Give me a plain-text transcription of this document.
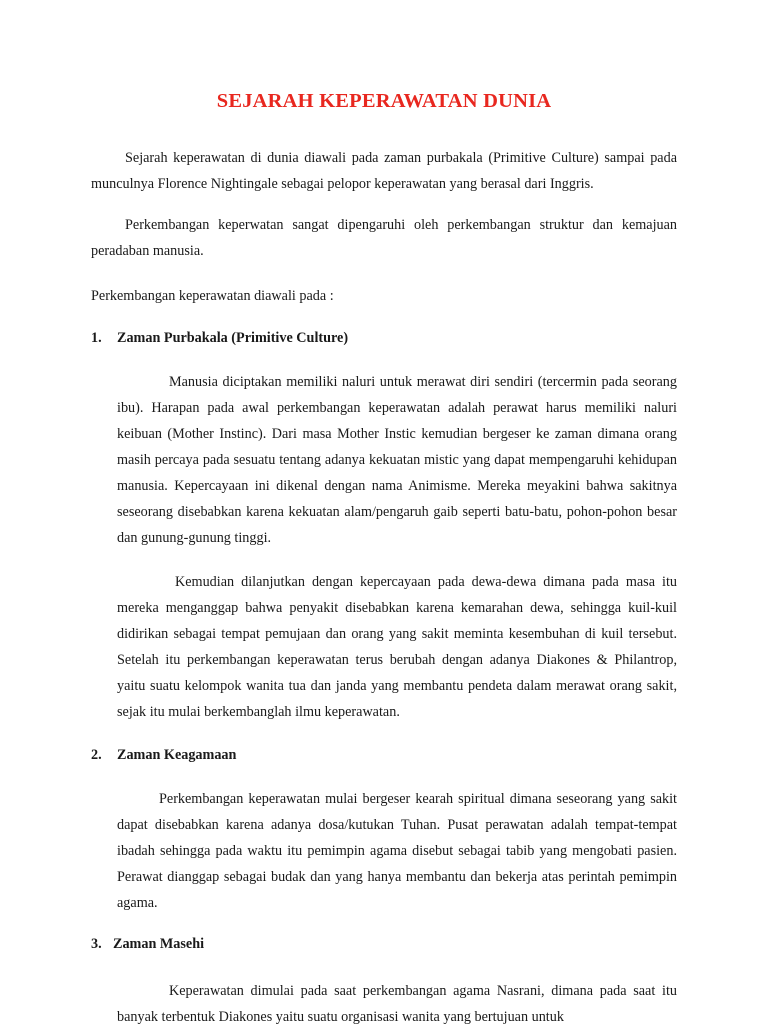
SEJARAH KEPERAWATAN DUNIA

Sejarah keperawatan di dunia diawali pada zaman purbakala (Primitive Culture) sampai pada munculnya Florence Nightingale sebagai pelopor keperawatan yang berasal dari Inggris.

Perkembangan keperwatan sangat dipengaruhi oleh perkembangan struktur dan kemajuan peradaban manusia.

Perkembangan keperawatan diawali pada :

1. Zaman Purbakala (Primitive Culture)

Manusia diciptakan memiliki naluri untuk merawat diri sendiri (tercermin pada seorang ibu). Harapan pada awal perkembangan keperawatan adalah perawat harus memiliki naluri keibuan (Mother Instinc). Dari masa Mother Instic kemudian bergeser ke zaman dimana orang masih percaya pada sesuatu tentang adanya kekuatan mistic yang dapat mempengaruhi kehidupan manusia. Kepercayaan ini dikenal dengan nama Animisme. Mereka meyakini bahwa sakitnya seseorang disebabkan karena kekuatan alam/pengaruh gaib seperti batu-batu, pohon-pohon besar dan gunung-gunung tinggi.

Kemudian dilanjutkan dengan kepercayaan pada dewa-dewa dimana pada masa itu mereka menganggap bahwa penyakit disebabkan karena kemarahan dewa, sehingga kuil-kuil didirikan sebagai tempat pemujaan dan orang yang sakit meminta kesembuhan di kuil tersebut. Setelah itu perkembangan keperawatan terus berubah dengan adanya Diakones & Philantrop, yaitu suatu kelompok wanita tua dan janda yang membantu pendeta dalam merawat orang sakit, sejak itu mulai berkembanglah ilmu keperawatan.

2. Zaman Keagamaan

Perkembangan keperawatan mulai bergeser kearah spiritual dimana seseorang yang sakit dapat disebabkan karena adanya dosa/kutukan Tuhan. Pusat perawatan adalah tempat-tempat ibadah sehingga pada waktu itu pemimpin agama disebut sebagai tabib yang mengobati pasien. Perawat dianggap sebagai budak dan yang hanya membantu dan bekerja atas perintah pemimpin agama.

3. Zaman Masehi

Keperawatan dimulai pada saat perkembangan agama Nasrani, dimana pada saat itu banyak terbentuk Diakones yaitu suatu organisasi wanita yang bertujuan untuk
